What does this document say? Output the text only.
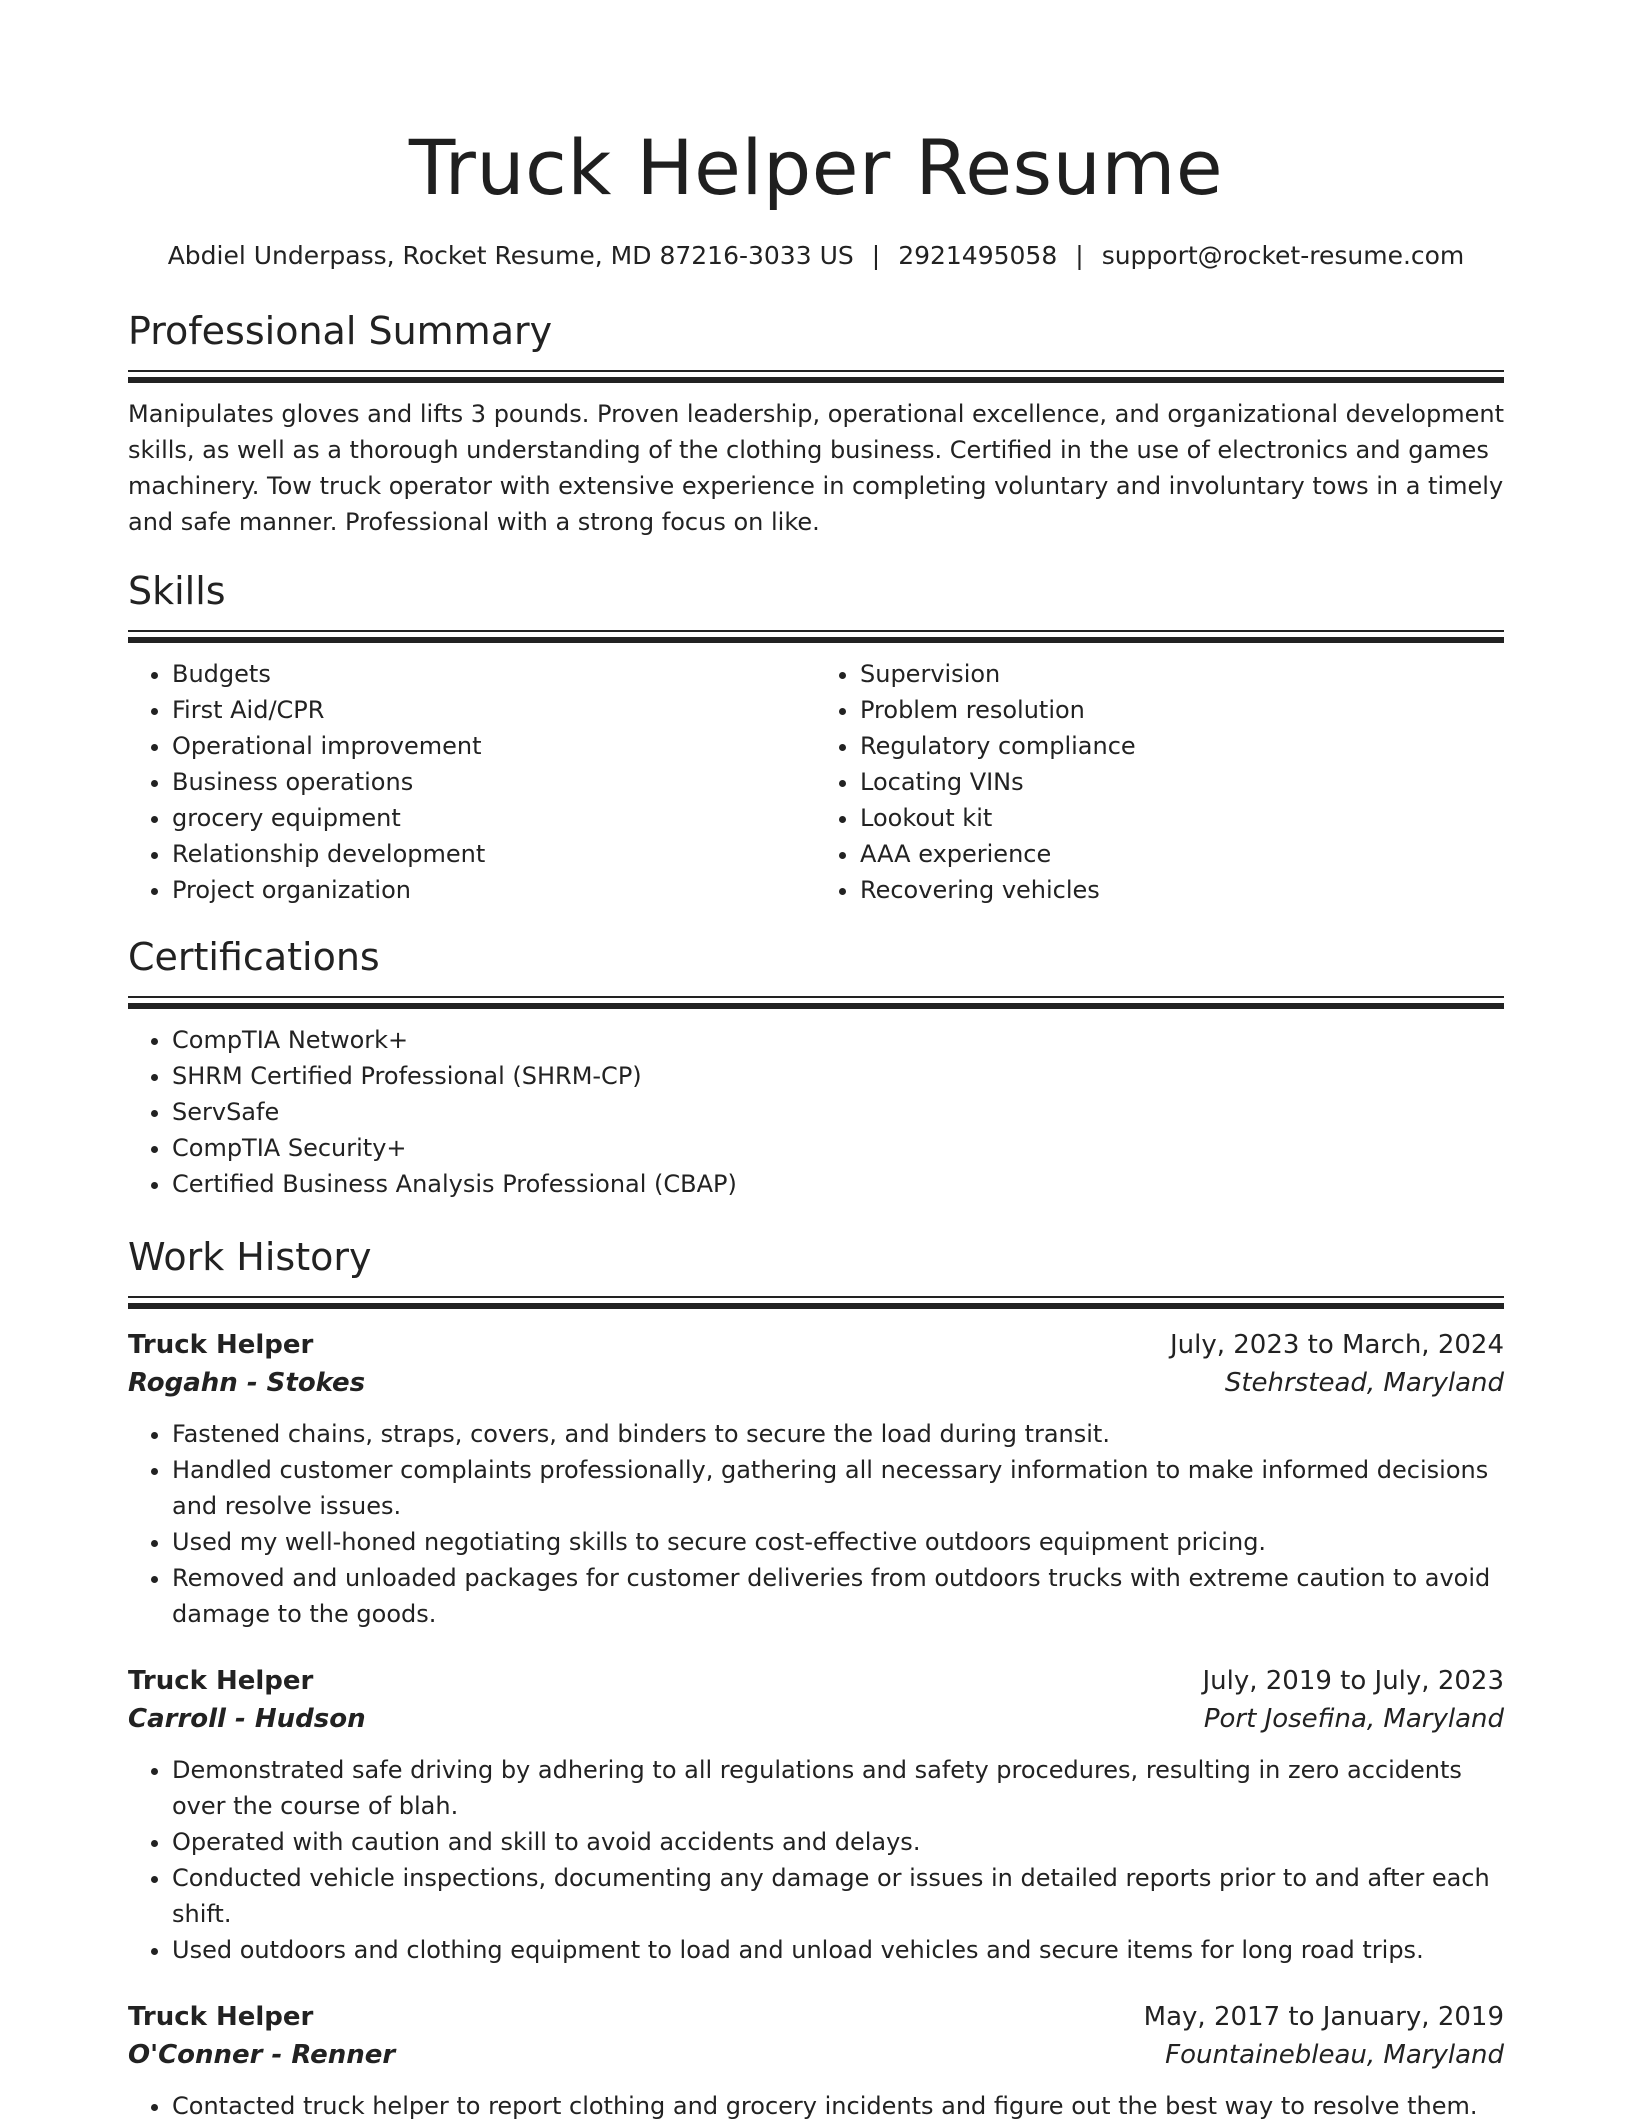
Truck Helper Resume
Abdiel Underpass, Rocket Resume, MD 87216-3033 US | 2921495058 | support@rocket-resume.com
Professional Summary

Manipulates gloves and lifts 3 pounds. Proven leadership, operational excellence, and organizational development skills, as well as a thorough understanding of the clothing business. Certified in the use of electronics and games machinery. Tow truck operator with extensive experience in completing voluntary and involuntary tows in a timely and safe manner. Professional with a strong focus on like.

Skills
• Budgets
• First Aid/CPR
• Operational improvement
• Business operations
• grocery equipment
• Relationship development
• Project organization
• Supervision
• Problem resolution
• Regulatory compliance
• Locating VINs
• Lookout kit
• AAA experience
• Recovering vehicles
Certifications
• CompTIA Network+
• SHRM Certified Professional (SHRM-CP)
• ServSafe
• CompTIA Security+
• Certified Business Analysis Professional (CBAP)
Work History
Truck Helper	July, 2023 to March, 2024
Rogahn - Stokes	Stehrstead, Maryland
• Fastened chains, straps, covers, and binders to secure the load during transit.
• Handled customer complaints professionally, gathering all necessary information to make informed decisions and resolve issues.
• Used my well-honed negotiating skills to secure cost-effective outdoors equipment pricing.
• Removed and unloaded packages for customer deliveries from outdoors trucks with extreme caution to avoid damage to the goods.
Truck Helper	July, 2019 to July, 2023
Carroll - Hudson	Port Josefina, Maryland
• Demonstrated safe driving by adhering to all regulations and safety procedures, resulting in zero accidents over the course of blah.
• Operated with caution and skill to avoid accidents and delays.
• Conducted vehicle inspections, documenting any damage or issues in detailed reports prior to and after each shift.
• Used outdoors and clothing equipment to load and unload vehicles and secure items for long road trips.
Truck Helper	May, 2017 to January, 2019
O'Conner - Renner	Fountainebleau, Maryland
• Contacted truck helper to report clothing and grocery incidents and figure out the best way to resolve them.
